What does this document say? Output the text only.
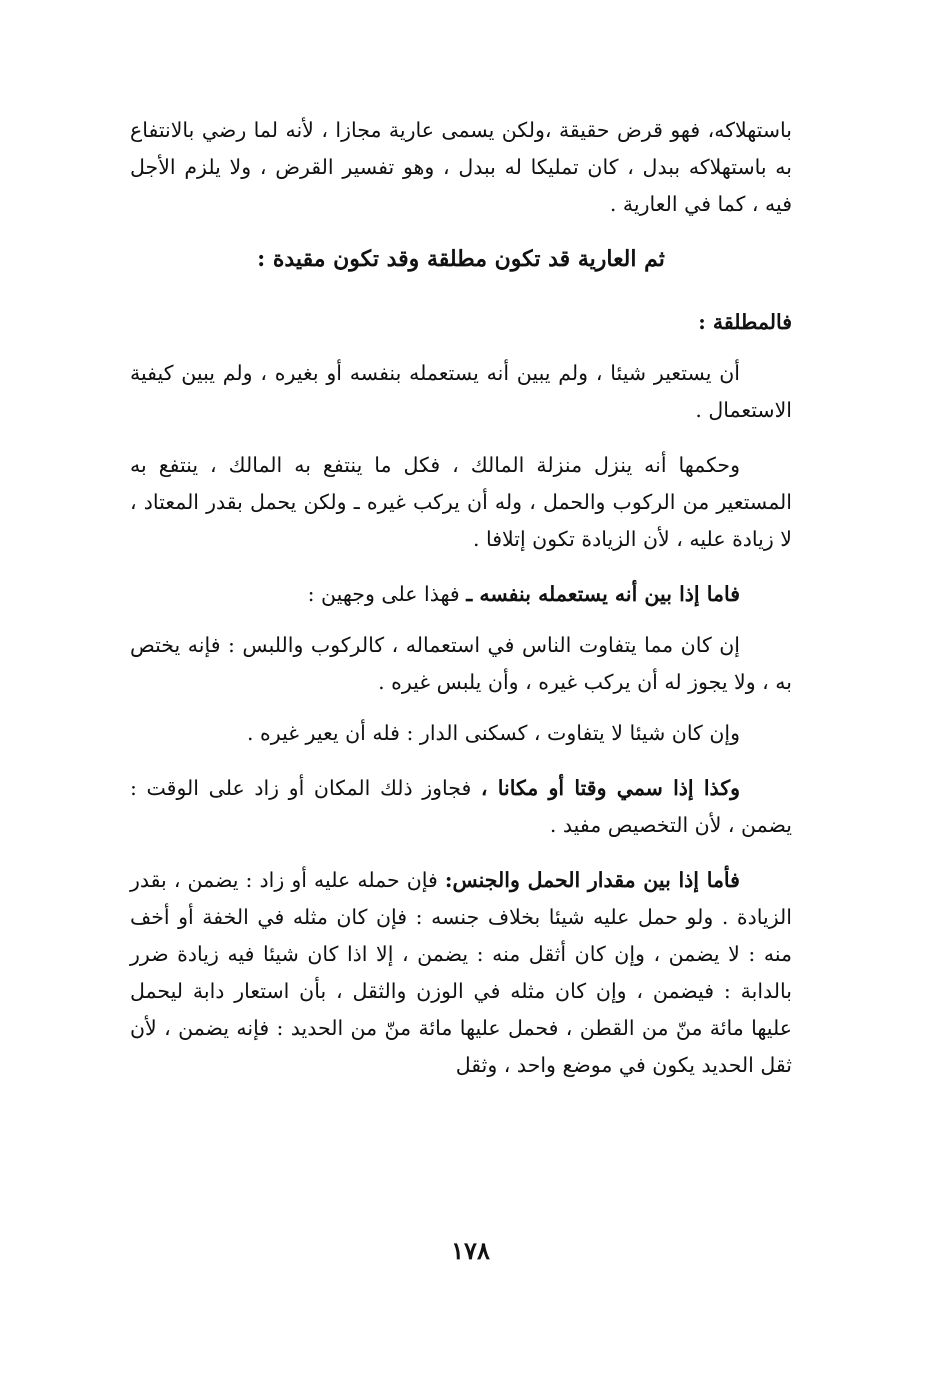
باستهلاكه، فهو قرض حقيقة ،ولكن يسمى عارية مجازا ، لأنه لما رضي بالانتفاع به باستهلاكه ببدل ، كان تمليكا له ببدل ، وهو تفسير القرض ، ولا يلزم الأجل فيه ، كما في العارية .

ثم العارية قد تكون مطلقة وقد تكون مقيدة :

فالمطلقة :

أن يستعير شيئا ، ولم يبين أنه يستعمله بنفسه أو بغيره ، ولم يبين كيفية الاستعمال .

وحكمها أنه ينزل منزلة المالك ، فكل ما ينتفع به المالك ، ينتفع به المستعير من الركوب والحمل ، وله أن يركب غيره ـ ولكن يحمل بقدر المعتاد ، لا زيادة عليه ، لأن الزيادة تكون إتلافا .

فاما إذا بين أنه يستعمله بنفسه ـ فهذا على وجهين :

إن كان مما يتفاوت الناس في استعماله ، كالركوب واللبس : فإنه يختص به ، ولا يجوز له أن يركب غيره ، وأن يلبس غيره .

وإن كان شيئا لا يتفاوت ، كسكنى الدار : فله أن يعير غيره .

وكذا إذا سمي وقتا أو مكانا ، فجاوز ذلك المكان أو زاد على الوقت : يضمن ، لأن التخصيص مفيد .

فأما إذا بين مقدار الحمل والجنس: فإن حمله عليه أو زاد : يضمن ، بقدر الزيادة . ولو حمل عليه شيئا بخلاف جنسه : فإن كان مثله في الخفة أو أخف منه : لا يضمن ، وإن كان أثقل منه : يضمن ، إلا اذا كان شيئا فيه زيادة ضرر بالدابة : فيضمن ، وإن كان مثله في الوزن والثقل ، بأن استعار دابة ليحمل عليها مائة منّ من القطن ، فحمل عليها مائة منّ من الحديد : فإنه يضمن ، لأن ثقل الحديد يكون في موضع واحد ، وثقل

١٧٨
